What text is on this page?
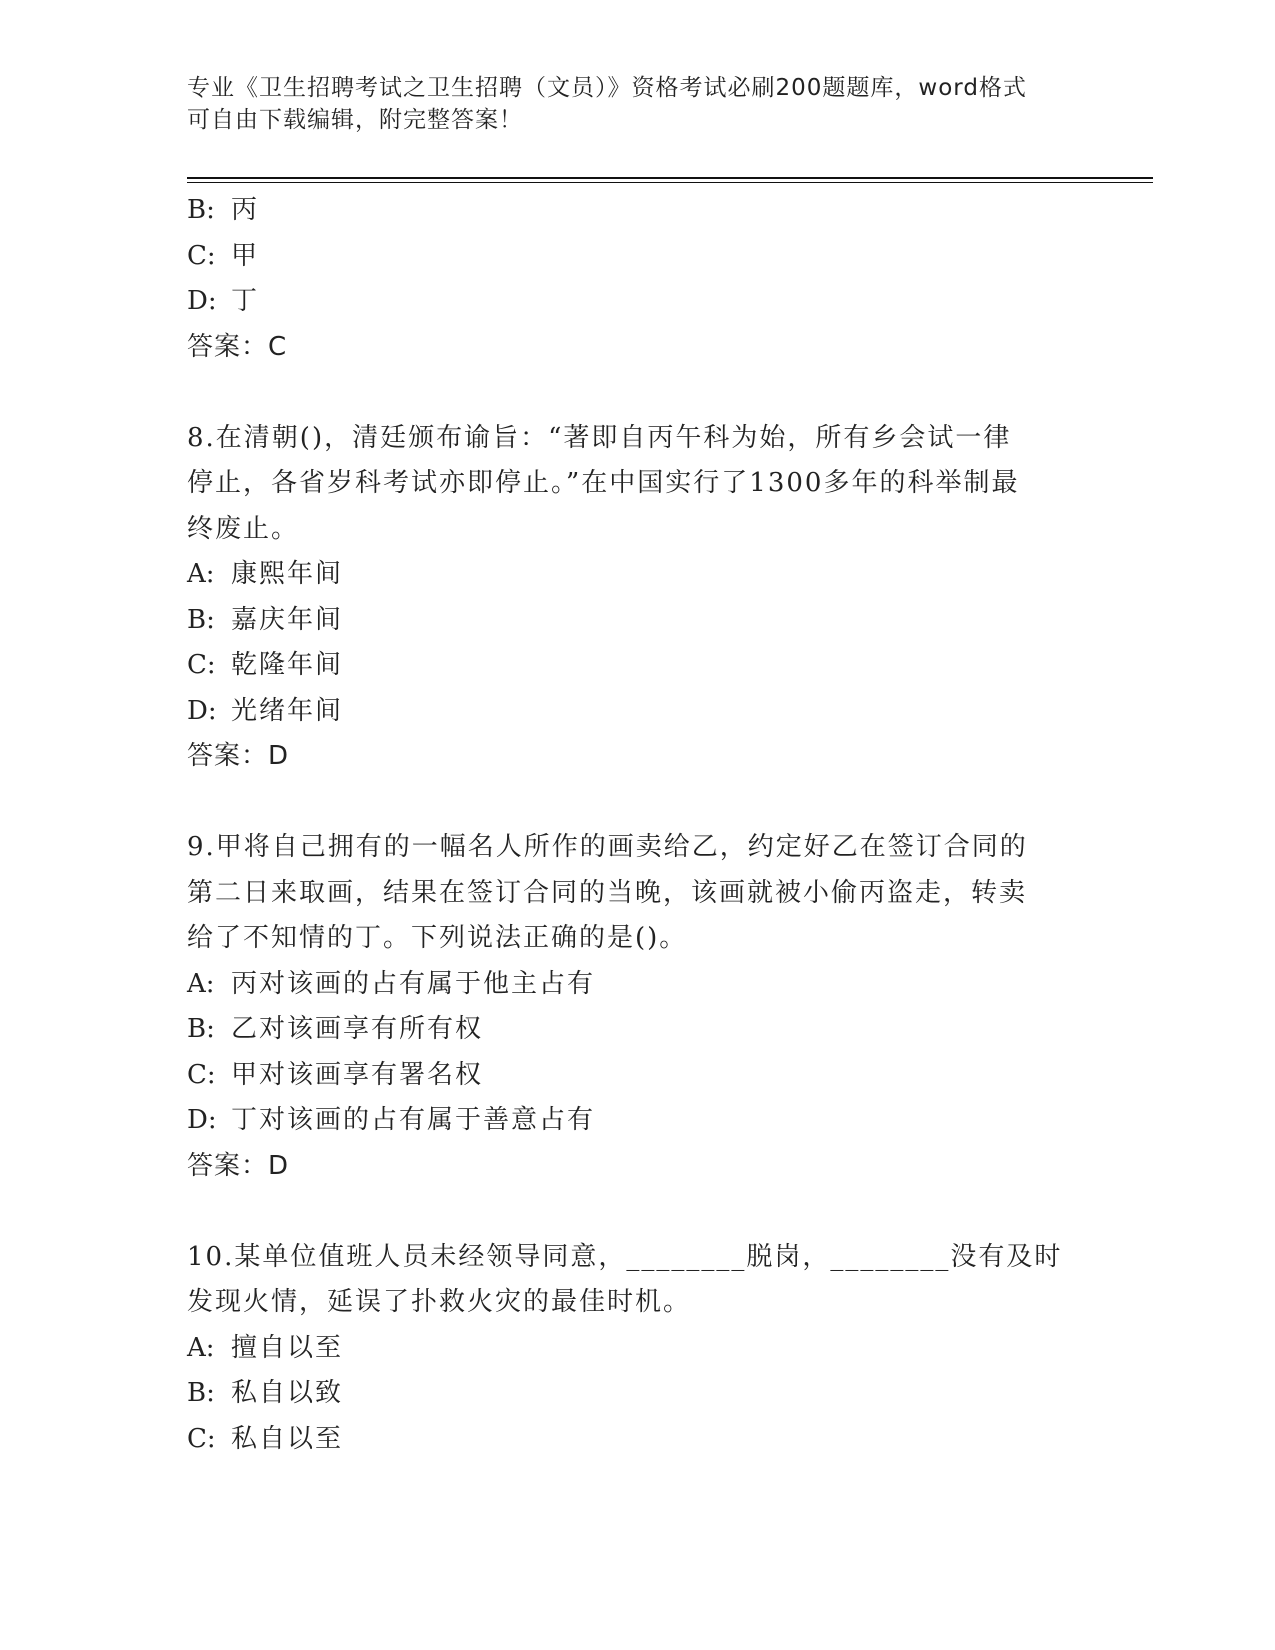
专业《卫生招聘考试之卫生招聘（文员）》资格考试必刷200题题库，word格式
可自由下载编辑，附完整答案！
B: 丙
C: 甲
D: 丁
答案：C
8.在清朝()，清廷颁布谕旨：“著即自丙午科为始，所有乡会试一律
停止，各省岁科考试亦即停止。”在中国实行了1300多年的科举制最
终废止。
A: 康熙年间
B: 嘉庆年间
C: 乾隆年间
D: 光绪年间
答案：D
9.甲将自己拥有的一幅名人所作的画卖给乙，约定好乙在签订合同的
第二日来取画，结果在签订合同的当晚，该画就被小偷丙盗走，转卖
给了不知情的丁。下列说法正确的是()。
A: 丙对该画的占有属于他主占有
B: 乙对该画享有所有权
C: 甲对该画享有署名权
D: 丁对该画的占有属于善意占有
答案：D
10.某单位值班人员未经领导同意，________脱岗，________没有及时
发现火情，延误了扑救火灾的最佳时机。
A: 擅自以至
B: 私自以致
C: 私自以至
